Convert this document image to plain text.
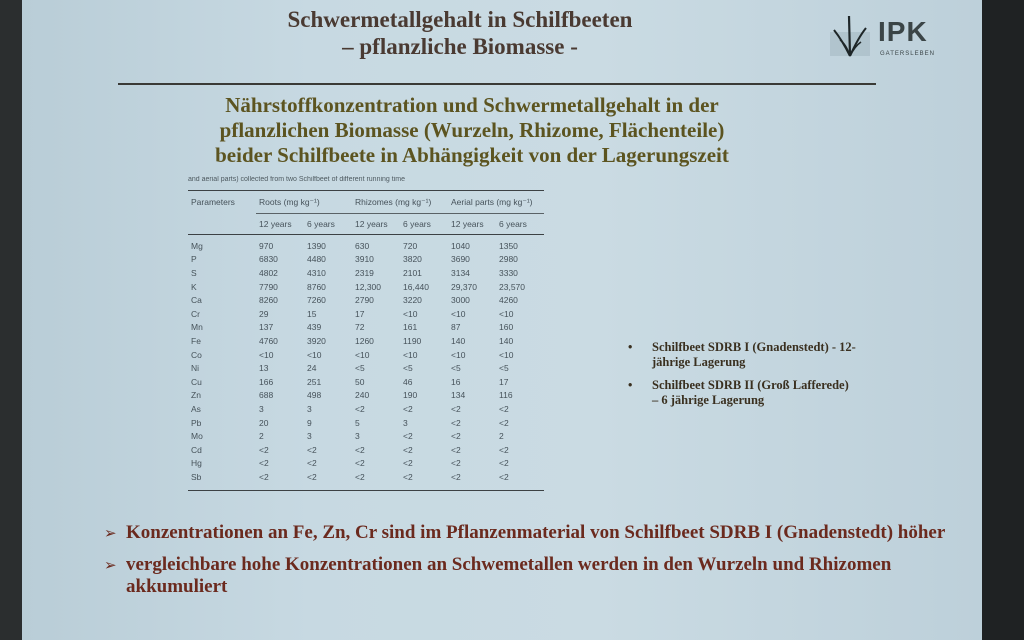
Schwermetallgehalt in Schilfbeeten
– pflanzliche Biomasse -	IPK
GATERSLEBEN
Nährstoffkonzentration und Schwermetallgehalt in der
pflanzlichen Biomasse (Wurzeln, Rhizome, Flächenteile)
beider Schilfbeete in Abhängigkeit von der Lagerungszeit
and aerial parts) collected from two Schilfbeet of different running time
Parameters	Roots (mg kg⁻¹)		Rhizomes (mg kg⁻¹)		Aerial parts (mg kg⁻¹)	
	12 years	6 years	12 years	6 years	12 years	6 years
Mg	970	1390	630	720	1040	1350
P	6830	4480	3910	3820	3690	2980
S	4802	4310	2319	2101	3134	3330
K	7790	8760	12,300	16,440	29,370	23,570
Ca	8260	7260	2790	3220	3000	4260
Cr	29	15	17	<10	<10	<10
Mn	137	439	72	161	87	160
Fe	4760	3920	1260	1190	140	140
Co	<10	<10	<10	<10	<10	<10
Ni	13	24	<5	<5	<5	<5
Cu	166	251	50	46	16	17
Zn	688	498	240	190	134	116
As	3	3	<2	<2	<2	<2
Pb	20	9	5	3	<2	<2
Mo	2	3	3	<2	<2	2
Cd	<2	<2	<2	<2	<2	<2
Hg	<2	<2	<2	<2	<2	<2
Sb	<2	<2	<2	<2	<2	<2
• Schilfbeet SDRB I (Gnadenstedt) - 12-jährige Lagerung
• Schilfbeet SDRB II (Groß Lafferede) – 6 jährige Lagerung
➢ Konzentrationen an Fe, Zn, Cr sind im Pflanzenmaterial von Schilfbeet SDRB I (Gnadenstedt) höher
➢ vergleichbare hohe Konzentrationen an Schwemetallen werden in den Wurzeln und Rhizomen akkumuliert
